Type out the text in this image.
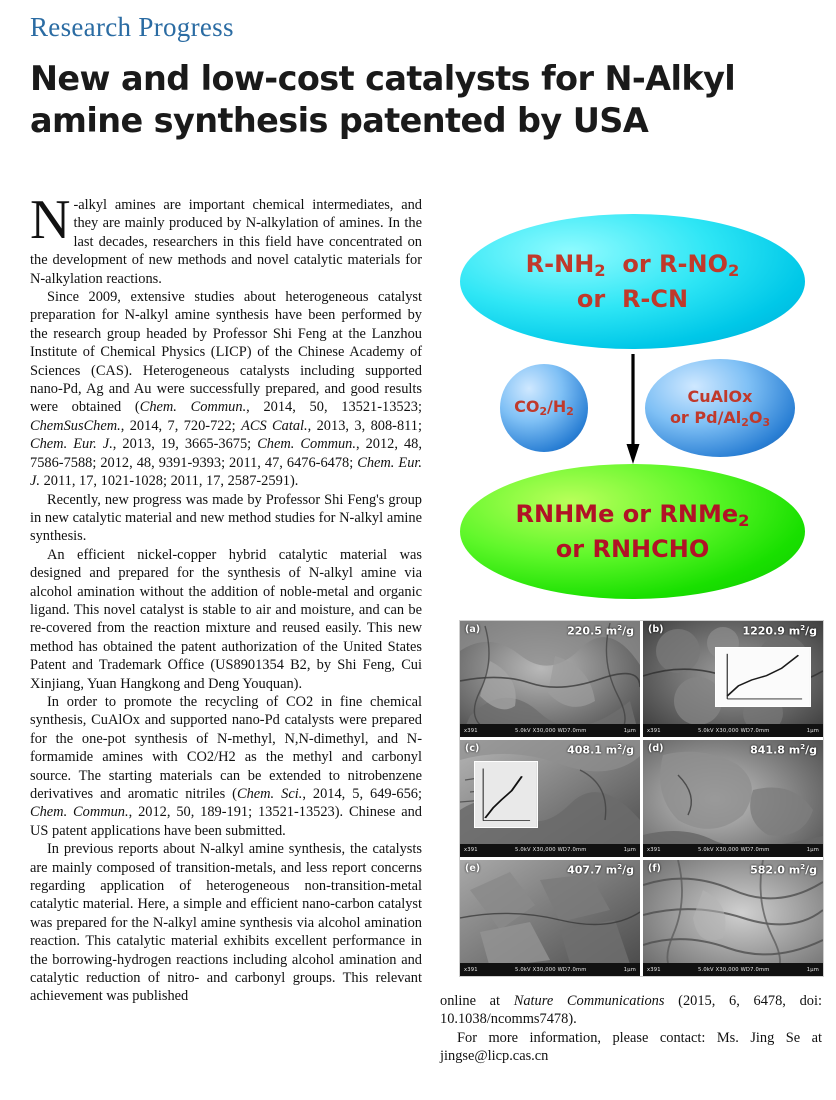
Research Progress
New and low-cost catalysts for N-Alkyl amine synthesis patented by USA

N -alkyl amines are important chemical intermediates, and they are mainly produced by N-alkylation of amines. In the last decades, researchers in this field have concentrated on the development of new methods and novel catalytic materials for N-alkylation reactions.

Since 2009, extensive studies about heterogeneous catalyst preparation for N-alkyl amine synthesis have been performed by the research group headed by Professor Shi Feng at the Lanzhou Institute of Chemical Physics (LICP) of the Chinese Academy of Sciences (CAS). Heterogeneous catalysts including supported nano-Pd, Ag and Au were successfully prepared, and good results were obtained (Chem. Commun., 2014, 50, 13521-13523; ChemSusChem., 2014, 7, 720-722; ACS Catal., 2013, 3, 808-811; Chem. Eur. J., 2013, 19, 3665-3675; Chem. Commun., 2012, 48, 7586-7588; 2012, 48, 9391-9393; 2011, 47, 6476-6478; Chem. Eur. J. 2011, 17, 1021-1028; 2011, 17, 2587-2591).

Recently, new progress was made by Professor Shi Feng's group in new catalytic material and new method studies for N-alkyl amine synthesis.

An efficient nickel-copper hybrid catalytic material was designed and prepared for the synthesis of N-alkyl amine via alcohol amination without the addition of noble-metal and organic ligand. This novel catalyst is stable to air and moisture, and can be re-covered from the reaction mixture and reused easily. This new method has obtained the patent authorization of the United States Patent and Trademark Office (US8901354 B2, by Shi Feng, Cui Xinjiang, Yuan Hangkong and Deng Youquan).

In order to promote the recycling of CO2 in fine chemical synthesis, CuAlOx and supported nano-Pd catalysts were prepared for the one-pot synthesis of N-methyl, N,N-dimethyl, and N-formamide amines with CO2/H2 as the methyl and carbonyl source. The starting materials can be extended to nitrobenzene derivatives and aromatic nitriles (Chem. Sci., 2014, 5, 649-656; Chem. Commun., 2012, 50, 189-191; 13521-13523). Chinese and US patent applications have been submitted.

In previous reports about N-alkyl amine synthesis, the catalysts are mainly composed of transition-metals, and less report concerns regarding application of heterogeneous non-transition-metal catalytic material. Here, a simple and efficient nano-carbon catalyst was prepared for the N-alkyl amine synthesis via alcohol amination reaction. This catalytic material exhibits excellent performance in the borrowing-hydrogen reactions including alcohol amination and catalytic reduction of nitro- and carbonyl groups. This relevant achievement was published	online at Nature Communications (2015, 6, 6478, doi: 10.1038/ncomms7478).

For more information, please contact: Ms. Jing Se at jingse@licp.cas.cn

$R-NH_2$  or $R-NO_2$
or  R-CN
$CO_2/H_2$
CuAlOx
or $Pd/Al_2O_3$
RNHMe or RNMe$_2$
or RNHCHO
(a)	220.5 $m^2/g$
x391	5.0kV X30,000 WD7.0mm	1µm
(b)	1220.9 $m^2/g$
x391	5.0kV X30,000 WD7.0mm	1µm
(c)	408.1 $m^2/g$
x391	5.0kV X30,000 WD7.0mm	1µm
(d)	841.8 $m^2/g$
x391	5.0kV X30,000 WD7.0mm	1µm
(e)	407.7 $m^2/g$
x391	5.0kV X30,000 WD7.0mm	1µm
(f)	582.0 $m^2/g$
x391	5.0kV X30,000 WD7.0mm	1µm
